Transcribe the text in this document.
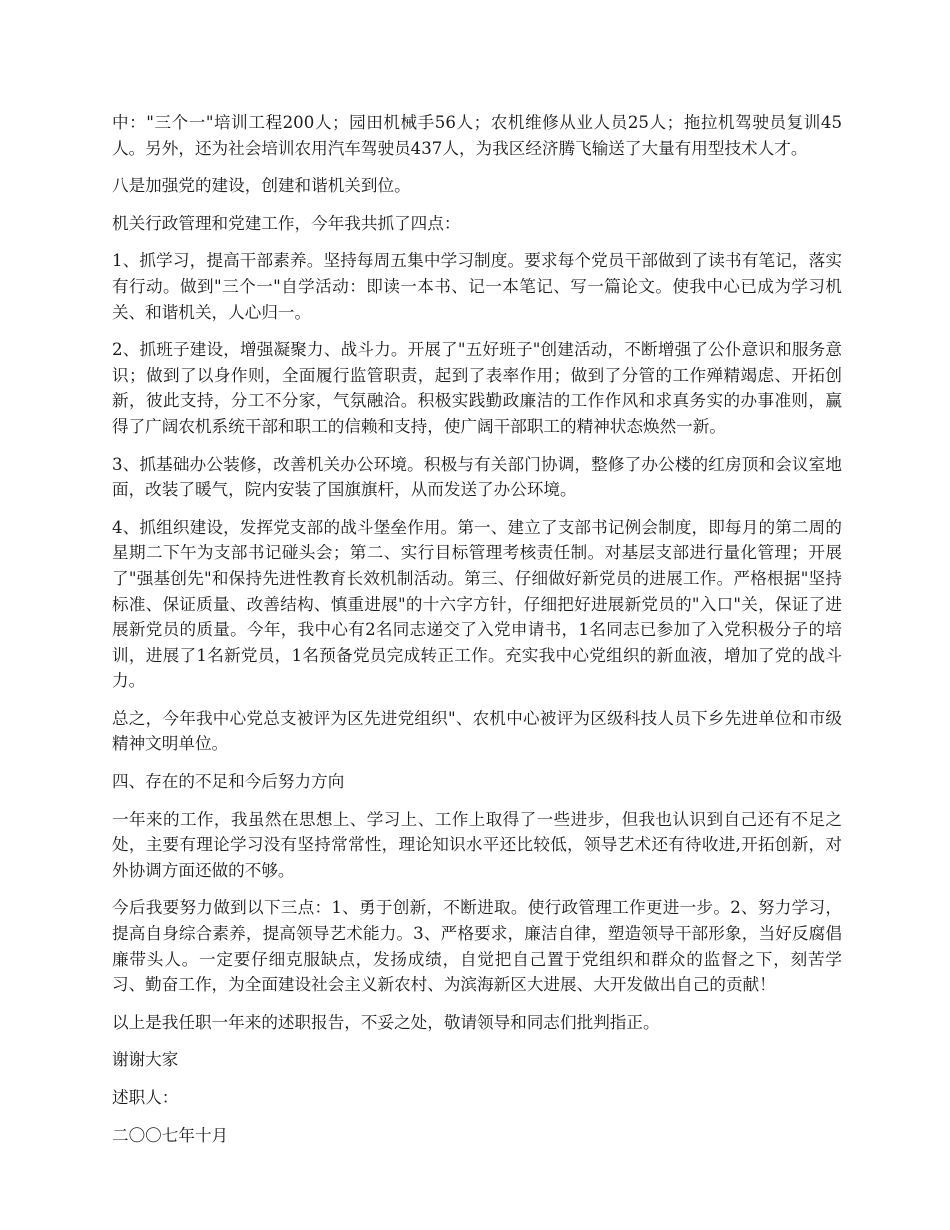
中："三个一"培训工程200人；园田机械手56人；农机维修从业人员25人；拖拉机驾驶员复训45人。另外，还为社会培训农用汽车驾驶员437人，为我区经济腾飞输送了大量有用型技术人才。

八是加强党的建设，创建和谐机关到位。

机关行政管理和党建工作，今年我共抓了四点：

1、抓学习，提高干部素养。坚持每周五集中学习制度。要求每个党员干部做到了读书有笔记，落实有行动。做到"三个一"自学活动：即读一本书、记一本笔记、写一篇论文。使我中心已成为学习机关、和谐机关，人心归一。

2、抓班子建设，增强凝聚力、战斗力。开展了"五好班子"创建活动，不断增强了公仆意识和服务意识；做到了以身作则，全面履行监管职责，起到了表率作用；做到了分管的工作殚精竭虑、开拓创新，彼此支持，分工不分家，气氛融洽。积极实践勤政廉洁的工作作风和求真务实的办事准则，赢得了广阔农机系统干部和职工的信赖和支持，使广阔干部职工的精神状态焕然一新。

3、抓基础办公装修，改善机关办公环境。积极与有关部门协调，整修了办公楼的红房顶和会议室地面，改装了暖气，院内安装了国旗旗杆，从而发送了办公环境。

4、抓组织建设，发挥党支部的战斗堡垒作用。第一、建立了支部书记例会制度，即每月的第二周的星期二下午为支部书记碰头会；第二、实行目标管理考核责任制。对基层支部进行量化管理；开展了"强基创先"和保持先进性教育长效机制活动。第三、仔细做好新党员的进展工作。严格根据"坚持标准、保证质量、改善结构、慎重进展"的十六字方针，仔细把好进展新党员的"入口"关，保证了进展新党员的质量。今年，我中心有2名同志递交了入党申请书，1名同志已参加了入党积极分子的培训，进展了1名新党员，1名预备党员完成转正工作。充实我中心党组织的新血液，增加了党的战斗力。

总之，今年我中心党总支被评为区先进党组织"、农机中心被评为区级科技人员下乡先进单位和市级精神文明单位。

四、存在的不足和今后努力方向

一年来的工作，我虽然在思想上、学习上、工作上取得了一些进步，但我也认识到自己还有不足之处，主要有理论学习没有坚持常常性，理论知识水平还比较低，领导艺术还有待收进,开拓创新，对外协调方面还做的不够。

今后我要努力做到以下三点：1、勇于创新，不断进取。使行政管理工作更进一步。2、努力学习，提高自身综合素养，提高领导艺术能力。3、严格要求，廉洁自律，塑造领导干部形象，当好反腐倡廉带头人。一定要仔细克服缺点，发扬成绩，自觉把自己置于党组织和群众的监督之下，刻苦学习、勤奋工作，为全面建设社会主义新农村、为滨海新区大进展、大开发做出自己的贡献！

以上是我任职一年来的述职报告，不妥之处，敬请领导和同志们批判指正。

谢谢大家

述职人：

二〇〇七年十月
